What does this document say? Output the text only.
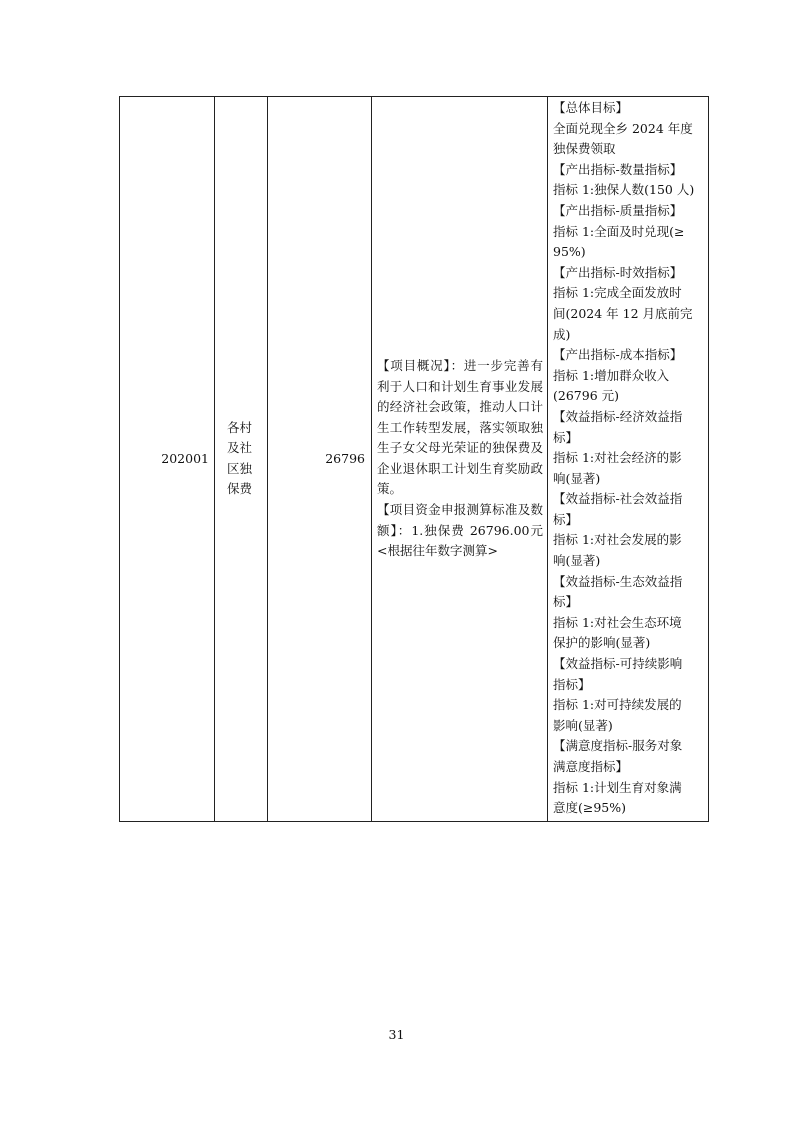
202001	各村及社区独保费	26796	
【项目概况】：进一步完善有利于人口和计划生育事业发展的经济社会政策，推动人口计生工作转型发展，落实领取独生子女父母光荣证的独保费及企业退休职工计划生育奖励政策。
【项目资金申报测算标准及数额】：1.独保费 26796.00元<根据往年数字测算>

【总体目标】
全面兑现全乡 2024 年度
独保费领取
【产出指标-数量指标】
指标 1:独保人数(150 人)
【产出指标-质量指标】
指标 1:全面及时兑现(≥
95%)
【产出指标-时效指标】
指标 1:完成全面发放时
间(2024 年 12 月底前完
成)
【产出指标-成本指标】
指标 1:增加群众收入
(26796 元)
【效益指标-经济效益指
标】
指标 1:对社会经济的影
响(显著)
【效益指标-社会效益指
标】
指标 1:对社会发展的影
响(显著)
【效益指标-生态效益指
标】
指标 1:对社会生态环境
保护的影响(显著)
【效益指标-可持续影响
指标】
指标 1:对可持续发展的
影响(显著)
【满意度指标-服务对象
满意度指标】
指标 1:计划生育对象满
意度(≥95%)
31
